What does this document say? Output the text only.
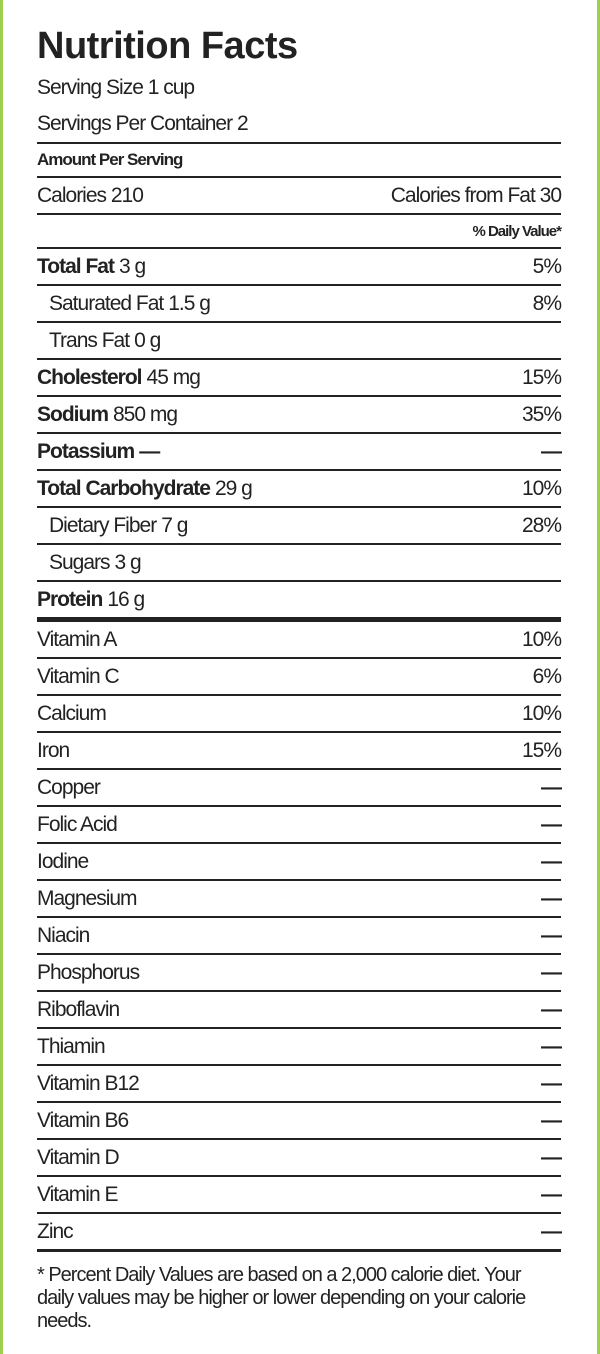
Nutrition Facts
Serving Size 1 cup
Servings Per Container 2
Amount Per Serving
Calories 210	Calories from Fat 30
% Daily Value*
Total Fat 3 g	5%
Saturated Fat 1.5 g	8%
Trans Fat 0 g
Cholesterol 45 mg	15%
Sodium 850 mg	35%
Potassium —	—
Total Carbohydrate 29 g	10%
Dietary Fiber 7 g	28%
Sugars 3 g
Protein 16 g
Vitamin A	10%
Vitamin C	6%
Calcium	10%
Iron	15%
Copper	—
Folic Acid	—
Iodine	—
Magnesium	—
Niacin	—
Phosphorus	—
Riboflavin	—
Thiamin	—
Vitamin B12	—
Vitamin B6	—
Vitamin D	—
Vitamin E	—
Zinc	—
* Percent Daily Values are based on a 2,000 calorie diet. Your daily values may be higher or lower depending on your calorie needs.
